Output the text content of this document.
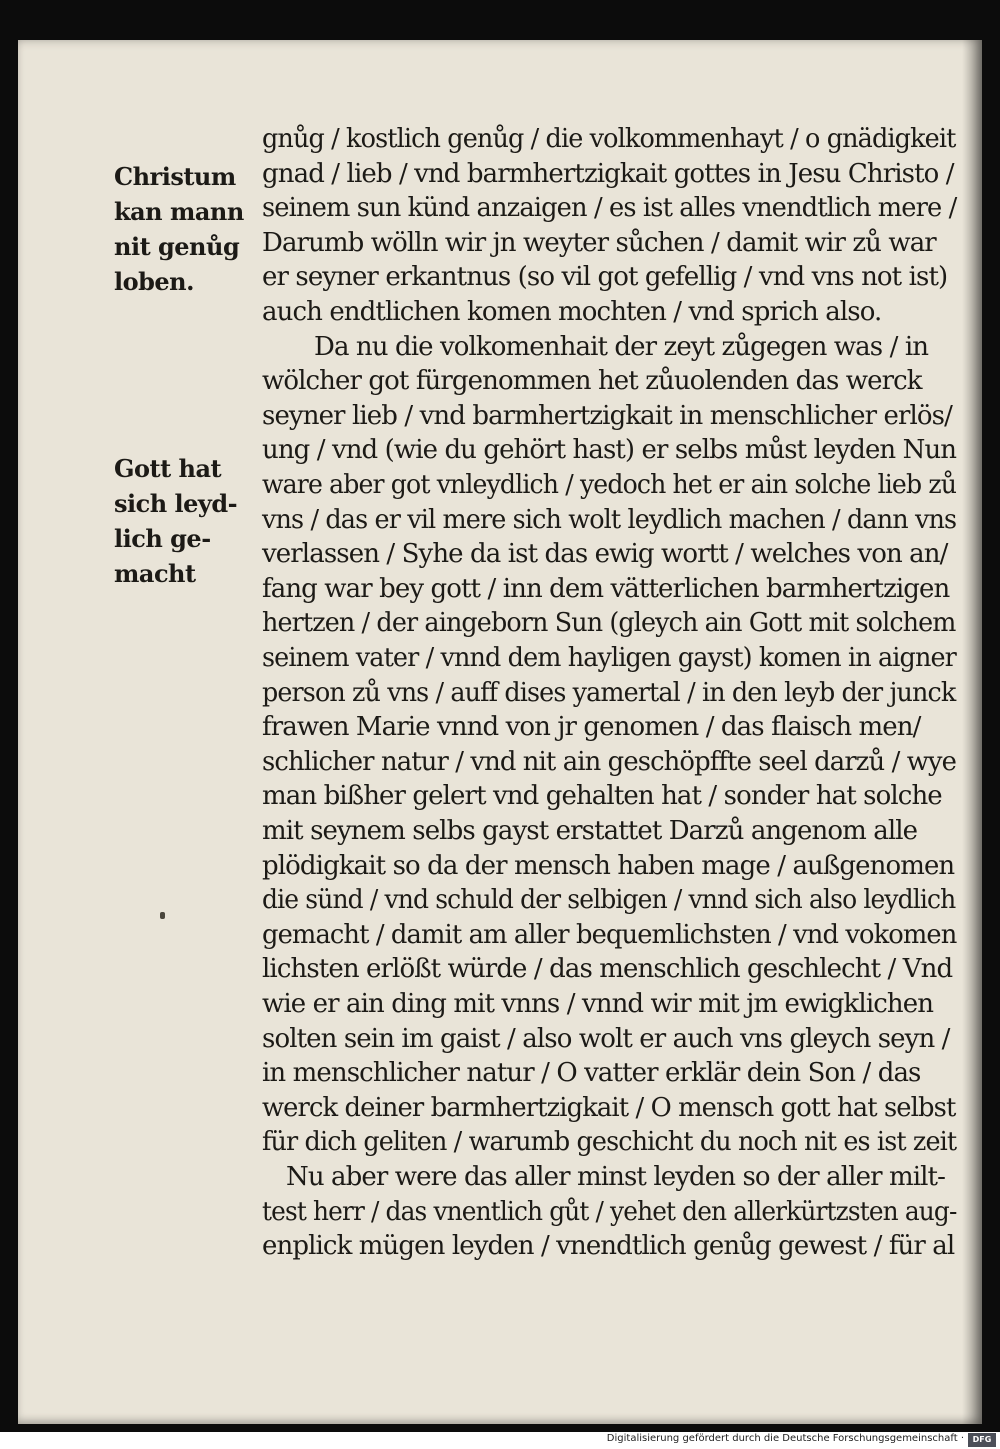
Christum

kan mann

nit genůg

loben.

Gott hat

sich leyd-

lich ge-

macht

gnůg / kostlich genůg / die volkommenhayt / o gnädigkeit

gnad / lieb / vnd barmhertzigkait gottes in Jesu Christo /

seinem sun künd anzaigen / es ist alles vnendtlich mere /

Darumb wölln wir jn weyter sůchen / damit wir zů war

er seyner erkantnus (so vil got gefellig / vnd vns not ist)

auch endtlichen komen mochten / vnd sprich also.

Da nu die volkomenhait der zeyt zůgegen was / in

wölcher got fürgenommen het zůuolenden das werck

seyner lieb / vnd barmhertzigkait in menschlicher erlös/

ung / vnd (wie du gehört hast) er selbs můst leyden Nun

ware aber got vnleydlich / yedoch het er ain solche lieb zů

vns / das er vil mere sich wolt leydlich machen / dann vns

verlassen / Syhe da ist das ewig wortt / welches von an/

fang war bey gott / inn dem vätterlichen barmhertzigen

hertzen / der aingeborn Sun (gleych ain Gott mit solchem

seinem vater / vnnd dem hayligen gayst) komen in aigner

person zů vns / auff dises yamertal / in den leyb der junck

frawen Marie vnnd von jr genomen / das flaisch men/

schlicher natur / vnd nit ain geschöpffte seel darzů / wye

man bißher gelert vnd gehalten hat / sonder hat solche

mit seynem selbs gayst erstattet Darzů angenom alle

plödigkait so da der mensch haben mage / außgenomen

die sünd / vnd schuld der selbigen / vnnd sich also leydlich

gemacht / damit am aller bequemlichsten / vnd vokomen

lichsten erlößt würde / das menschlich geschlecht / Vnd

wie er ain ding mit vnns / vnnd wir mit jm ewigklichen

solten sein im gaist / also wolt er auch vns gleych seyn /

in menschlicher natur / O vatter erklär dein Son / das

werck deiner barmhertzigkait / O mensch gott hat selbst

für dich geliten / warumb geschicht du noch nit es ist zeit

Nu aber were das aller minst leyden so der aller milt-

test herr / das vnentlich gůt / yehet den allerkürtzsten aug-

enplick mügen leyden / vnendtlich genůg gewest / für al

Digitalisierung gefördert durch die Deutsche Forschungsgemeinschaft ·	DFG
